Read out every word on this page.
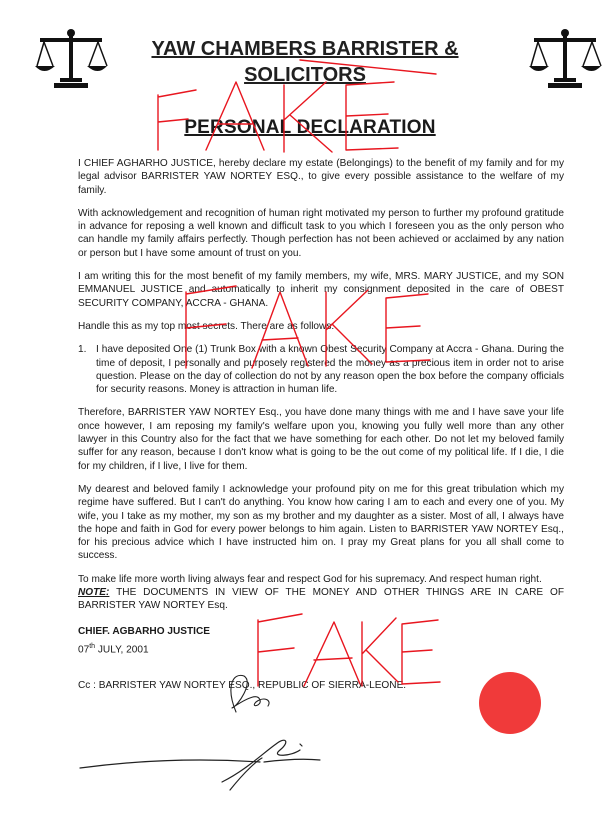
YAW CHAMBERS BARRISTER &
SOLICITORS
PERSONAL DECLARATION

I CHIEF AGHARHO JUSTICE, hereby declare my estate (Belongings) to the benefit of my family and for my legal advisor BARRISTER YAW NORTEY ESQ., to give every possible assistance to the welfare of my family.

With acknowledgement and recognition of human right motivated my person to further my profound gratitude in advance for reposing a well known and difficult task to you which I foreseen you as the only person who can handle my family affairs perfectly. Though perfection has not been achieved or acclaimed by any nation or person but I have some amount of trust on you.

I am writing this for the most benefit of my family members, my wife, MRS. MARY JUSTICE, and my SON EMMANUEL JUSTICE and automatically to inherit my consignment deposited in the care of OBEST SECURITY COMPANY, ACCRA - GHANA.

Handle this as my top most secrets. There are as follows:

1. I have deposited One (1) Trunk Box with a known Obest Security Company at Accra - Ghana. During the time of deposit, I personally and purposely registered the money as a precious item in order not to arise question. Please on the day of collection do not by any reason open the box before the company officials for security reasons. Money is attraction in human life.

Therefore, BARRISTER YAW NORTEY Esq., you have done many things with me and I have save your life once however, I am reposing my family's welfare upon you, knowing you fully well more than any other lawyer in this Country also for the fact that we have something for each other. Do not let my beloved family suffer for any reason, because I don't know what is going to be the out come of my political life. If I die, I die for my children, if I live, I live for them.

My dearest and beloved family I acknowledge your profound pity on me for this great tribulation which my regime have suffered. But I can't do anything. You know how caring I am to each and every one of you. My wife, you I take as my mother, my son as my brother and my daughter as a sister. Most of all, I always have the hope and faith in God for every power belongs to him again. Listen to BARRISTER YAW NORTEY Esq., for his precious advice which I have instructed him on. I pray my Great plans for you all shall come to success.

To make life more worth living always fear and respect God for his supremacy. And respect human right.

NOTE: THE DOCUMENTS IN VIEW OF THE MONEY AND OTHER THINGS ARE IN CARE OF BARRISTER YAW NORTEY Esq.

CHIEF. AGBARHO JUSTICE
07th JULY, 2001
Cc : BARRISTER YAW NORTEY ESQ., REPUBLIC OF SIERRA-LEONE.
